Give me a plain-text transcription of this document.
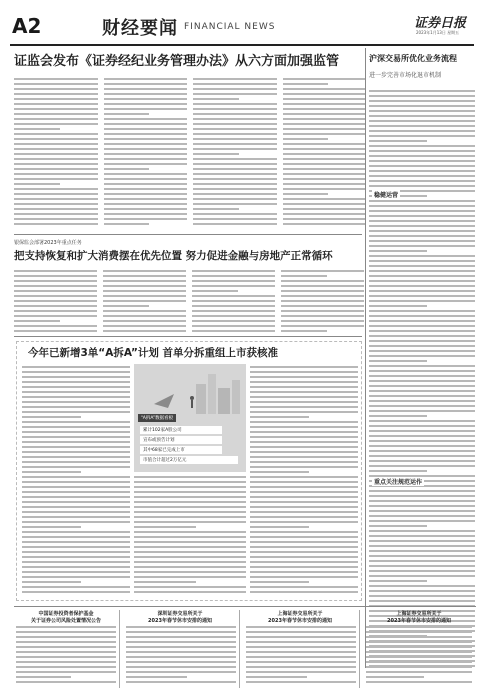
A2	财经要闻 FINANCIAL NEWS	证券日报
2023年1月13日 星期五
证监会发布《证券经纪业务管理办法》从六方面加强监管	沪深交易所优化业务流程
进一步完善市场化退市机制
稳健运营
重点关注规范运作
银保监会部署2023年重点任务
把支持恢复和扩大消费摆在优先位置 努力促进金融与房地产正常循环
今年已新增3单“A拆A”计划 首单分拆重组上市获核准
“A拆A”数据看板
累计102家A股公司
宣布或预告计划
其中68家已完成上市
市值合计超过2万亿元
中国证券投资者保护基金
关于证券公司风险处置情况公告
深圳证券交易所关于
2023年春节休市安排的通知
上海证券交易所关于
2023年春节休市安排的通知
上海证券交易所关于
2023年春节休市安排的通知
